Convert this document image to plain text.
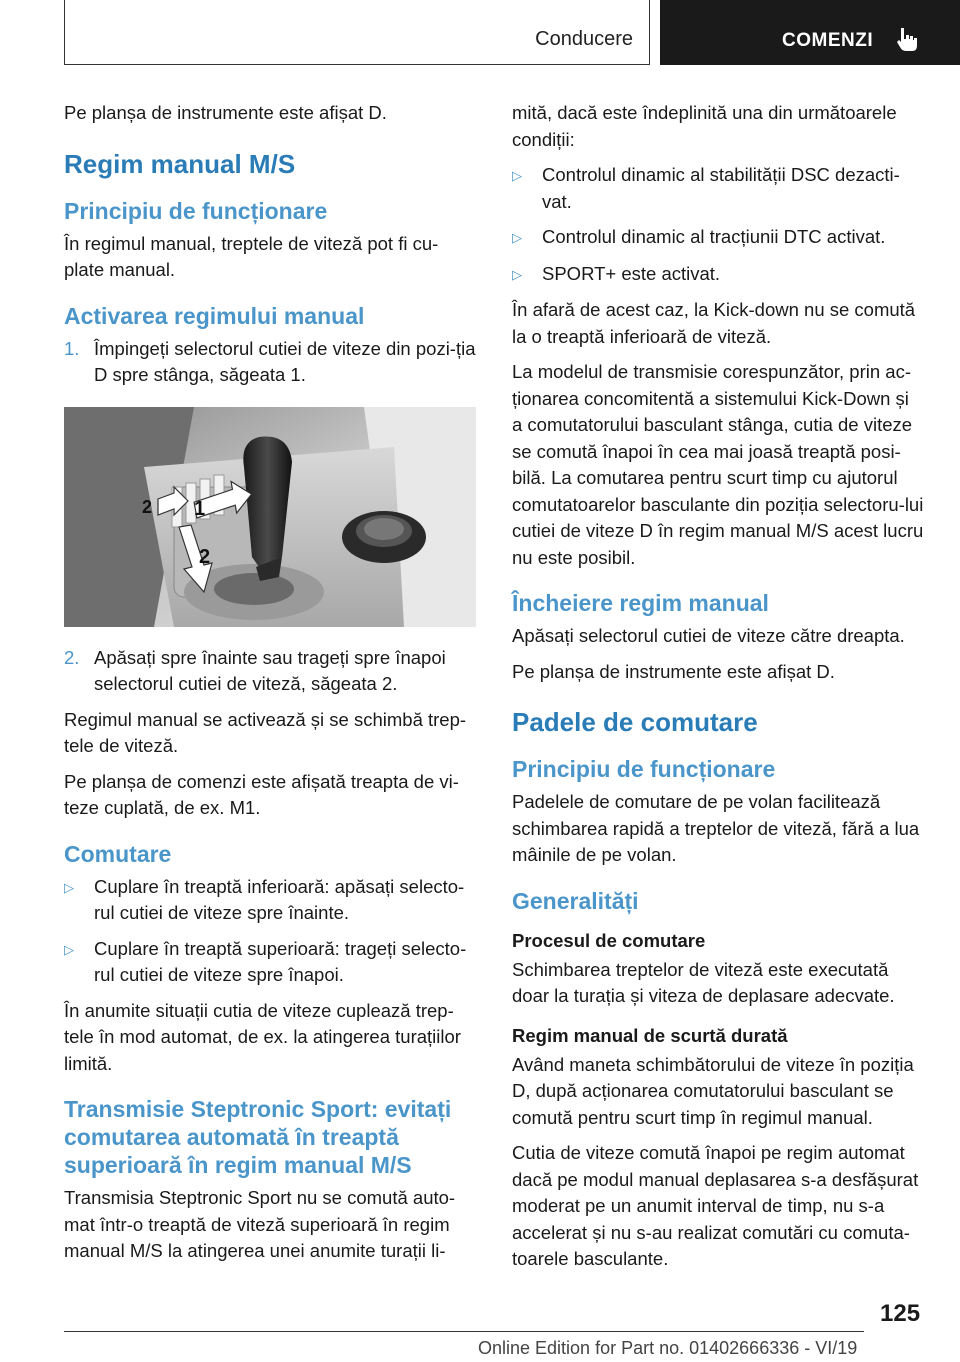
Conducere	COMENZI

Pe planșa de instrumente este afișat D.

Regim manual M/S
Principiu de funcționare

În regimul manual, treptele de viteză pot fi cu‐plate manual.

Activarea regimului manual
1. Împingeți selectorul cutiei de viteze din pozi‐ția D spre stânga, săgeata 1.
1
2
2
2. Apăsați spre înainte sau trageți spre înapoi selectorul cutiei de viteză, săgeata 2.

Regimul manual se activează și se schimbă trep‐tele de viteză.

Pe planșa de comenzi este afișată treapta de vi‐teze cuplată, de ex. M1.

Comutare
▷	Cuplare în treaptă inferioară: apăsați selecto‐rul cutiei de viteze spre înainte.
▷	Cuplare în treaptă superioară: trageți selecto‐rul cutiei de viteze spre înapoi.

În anumite situații cutia de viteze cuplează trep‐tele în mod automat, de ex. la atingerea turațiilor limită.

Transmisie Steptronic Sport: evitați comutarea automată în treaptă superioară în regim manual M/S

Transmisia Steptronic Sport nu se comută auto‐mat într-o treaptă de viteză superioară în regim manual M/S la atingerea unei anumite turații li‐

mită, dacă este îndeplinită una din următoarele condiții:

▷	Controlul dinamic al stabilității DSC dezacti‐vat.
▷	Controlul dinamic al tracțiunii DTC activat.
▷	SPORT+ este activat.

În afară de acest caz, la Kick-down nu se comută la o treaptă inferioară de viteză.

La modelul de transmisie corespunzător, prin ac‐ționarea concomitentă a sistemului Kick-Down și a comutatorului basculant stânga, cutia de viteze se comută înapoi în cea mai joasă treaptă posi‐bilă. La comutarea pentru scurt timp cu ajutorul comutatoarelor basculante din poziția selectoru‐lui cutiei de viteze D în regim manual M/S acest lucru nu este posibil.

Încheiere regim manual

Apăsați selectorul cutiei de viteze către dreapta.

Pe planșa de instrumente este afișat D.

Padele de comutare
Principiu de funcționare

Padelele de comutare de pe volan facilitează schimbarea rapidă a treptelor de viteză, fără a lua mâinile de pe volan.

Generalități
Procesul de comutare

Schimbarea treptelor de viteză este executată doar la turația și viteza de deplasare adecvate.

Regim manual de scurtă durată

Având maneta schimbătorului de viteze în poziția D, după acționarea comutatorului basculant se comută pentru scurt timp în regimul manual.

Cutia de viteze comută înapoi pe regim automat dacă pe modul manual deplasarea s-a desfășurat moderat pe un anumit interval de timp, nu s-a accelerat și nu s-au realizat comutări cu comuta‐toarele basculante.

125
Online Edition for Part no. 01402666336 - VI/19
